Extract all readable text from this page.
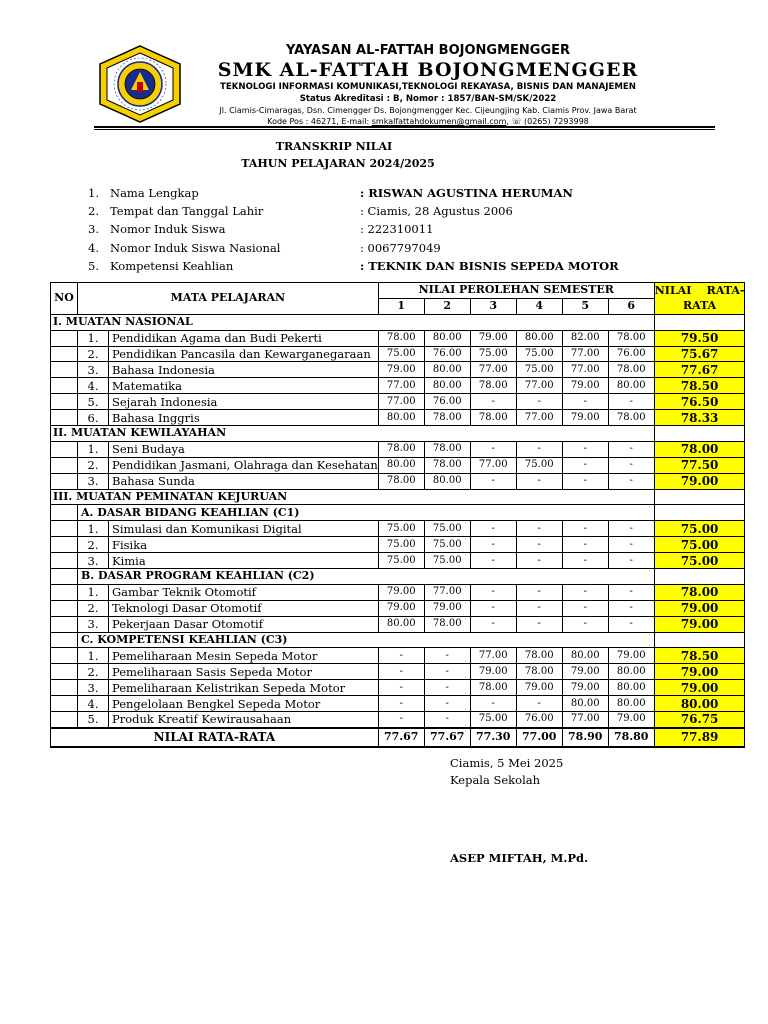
YAYASAN AL-FATTAH BOJONGMENGGER
SMK AL-FATTAH BOJONGMENGGER
TEKNOLOGI INFORMASI KOMUNIKASI,TEKNOLOGI REKAYASA, BISNIS DAN MANAJEMEN
Status Akreditasi : B, Nomor : 1857/BAN-SM/SK/2022
Jl. Ciamis-Cimaragas, Dsn. Cimengger Ds. Bojongmengger Kec. Cijeungjing Kab. Ciamis Prov. Jawa Barat
Kode Pos : 46271, E-mail: smkalfattahdokumen@gmail.com, ☏ (0265) 7293998
TRANSKRIP NILAI
TAHUN PELAJARAN 2024/2025
1. Nama Lengkap	: RISWAN AGUSTINA HERUMAN
2. Tempat dan Tanggal Lahir	: Ciamis, 28 Agustus 2006
3. Nomor Induk Siswa	: 222310011
4. Nomor Induk Siswa Nasional	: 0067797049
5. Kompetensi Keahlian	: TEKNIK DAN BISNIS SEPEDA MOTOR
NO	MATA PELAJARAN		NILAI PEROLEHAN SEMESTER						NILAI    RATA-
RATA
			1	2	3	4	5	6	
I. MUATAN NASIONAL									
	1.	Pendidikan Agama dan Budi Pekerti	78.00	80.00	79.00	80.00	82.00	78.00	79.50
	2.	Pendidikan Pancasila dan Kewarganegaraan	75.00	76.00	75.00	75.00	77.00	76.00	75.67
	3.	Bahasa Indonesia	79.00	80.00	77.00	75.00	77.00	78.00	77.67
	4.	Matematika	77.00	80.00	78.00	77.00	79.00	80.00	78.50
	5.	Sejarah Indonesia	77.00	76.00	-	-	-	-	76.50
	6.	Bahasa Inggris	80.00	78.00	78.00	77.00	79.00	78.00	78.33
II. MUATAN KEWILAYAHAN									
	1.	Seni Budaya	78.00	78.00	-	-	-	-	78.00
	2.	Pendidikan Jasmani, Olahraga dan Kesehatan	80.00	78.00	77.00	75.00	-	-	77.50
	3.	Bahasa Sunda	78.00	80.00	-	-	-	-	79.00
III. MUATAN PEMINATAN KEJURUAN									
	A. DASAR BIDANG KEAHLIAN (C1)								
	1.	Simulasi dan Komunikasi Digital	75.00	75.00	-	-	-	-	75.00
	2.	Fisika	75.00	75.00	-	-	-	-	75.00
	3.	Kimia	75.00	75.00	-	-	-	-	75.00
	B. DASAR PROGRAM KEAHLIAN (C2)								
	1.	Gambar Teknik Otomotif	79.00	77.00	-	-	-	-	78.00
	2.	Teknologi Dasar Otomotif	79.00	79.00	-	-	-	-	79.00
	3.	Pekerjaan Dasar Otomotif	80.00	78.00	-	-	-	-	79.00
	C. KOMPETENSI KEAHLIAN (C3)								
	1.	Pemeliharaan Mesin Sepeda Motor	-	-	77.00	78.00	80.00	79.00	78.50
	2.	Pemeliharaan Sasis Sepeda Motor	-	-	79.00	78.00	79.00	80.00	79.00
	3.	Pemeliharaan Kelistrikan Sepeda Motor	-	-	78.00	79.00	79.00	80.00	79.00
	4.	Pengelolaan Bengkel Sepeda Motor	-	-	-	-	80.00	80.00	80.00
	5.	Produk Kreatif Kewirausahaan	-	-	75.00	76.00	77.00	79.00	76.75
NILAI RATA-RATA			77.67	77.67	77.30	77.00	78.90	78.80	77.89
Ciamis, 5 Mei 2025
Kepala Sekolah
ASEP MIFTAH, M.Pd.
